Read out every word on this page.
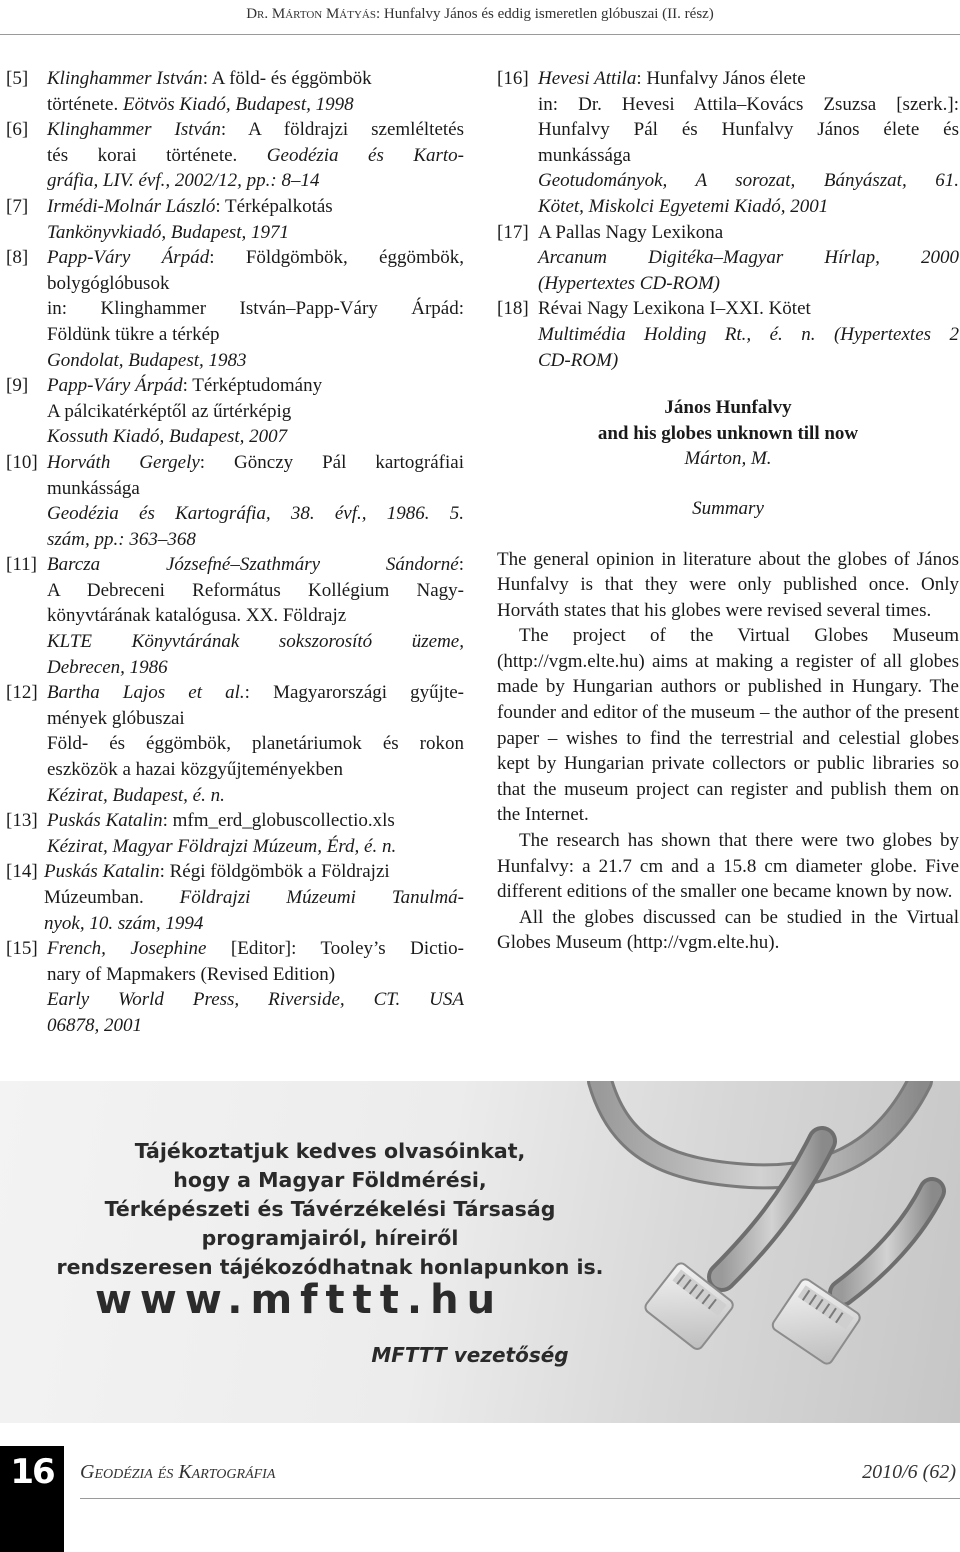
Dr. Márton Mátyás: Hunfalvy János és eddig ismeretlen glóbuszai (II. rész)
[5] Klinghammer István: A föld- és éggömbök
története. Eötvös Kiadó, Budapest, 1998
[6] Klinghammer István: A földrajzi szemléltetés
tés korai története. Geodézia és Karto-
gráfia, LIV. évf., 2002/12, pp.: 8–14
[7] Irmédi-Molnár László: Térképalkotás
Tankönyvkiadó, Budapest, 1971
[8] Papp-Váry Árpád: Földgömbök, éggömbök,
bolygóglóbusok
in: Klinghammer István–Papp-Váry Árpád:
Földünk tükre a térkép
Gondolat, Budapest, 1983
[9] Papp-Váry Árpád: Térképtudomány
A pálcikatérképtől az űrtérképig
Kossuth Kiadó, Budapest, 2007
[10] Horváth Gergely: Gönczy Pál kartográfiai
munkássága
Geodézia és Kartográfia, 38. évf., 1986. 5.
szám, pp.: 363–368
[11] Barcza Józsefné–Szathmáry Sándorné:
A Debreceni Református Kollégium Nagy-
könyvtárának katalógusa. XX. Földrajz
KLTE Könyvtárának sokszorosító üzeme,
Debrecen, 1986
[12] Bartha Lajos et al.: Magyarországi gyűjte-
mények glóbuszai
Föld- és éggömbök, planetáriumok és rokon
eszközök a hazai közgyűjteményekben
Kézirat, Budapest, é. n.
[13] Puskás Katalin: mfm_erd_globuscollectio.xls
Kézirat, Magyar Földrajzi Múzeum, Érd, é. n.
[14] Puskás Katalin: Régi földgömbök a Földrajzi
Múzeumban. Földrajzi Múzeumi Tanulmá-
nyok, 10. szám, 1994
[15] French, Josephine [Editor]: Tooley’s Dictio-
nary of Mapmakers (Revised Edition)
Early World Press, Riverside, CT. USA
06878, 2001
[16] Hevesi Attila: Hunfalvy János élete
in: Dr. Hevesi Attila–Kovács Zsuzsa [szerk.]:
Hunfalvy Pál és Hunfalvy János élete és
munkássága
Geotudományok, A sorozat, Bányászat, 61.
Kötet, Miskolci Egyetemi Kiadó, 2001
[17] A Pallas Nagy Lexikona
Arcanum Digitéka–Magyar Hírlap, 2000
(Hypertextes CD-ROM)
[18] Révai Nagy Lexikona I–XXI. Kötet
Multimédia Holding Rt., é. n. (Hypertextes 2
CD-ROM)
János Hunfalvy
and his globes unknown till now
Márton, M.
Summary

The general opinion in literature about the globes of János Hunfalvy is that they were only published once. Only Horváth states that his globes were revised several times.

The project of the Virtual Globes Museum (http://vgm.elte.hu) aims at making a register of all globes made by Hungarian authors or published in Hungary. The founder and editor of the museum – the author of the present paper – wishes to find the terrestrial and celestial globes kept by Hungarian private collectors or public libraries so that the museum project can register and publish them on the Internet.

The research has shown that there were two globes by Hunfalvy: a 21.7 cm and a 15.8 cm diameter globe. Five different editions of the smaller one became known by now.

All the globes discussed can be studied in the Virtual Globes Museum (http://vgm.elte.hu).

Tájékoztatjuk kedves olvasóinkat,
hogy a Magyar Földmérési,
Térképészeti és Távérzékelési Társaság
programjairól, híreiről
rendszeresen tájékozódhatnak honlapunkon is.
www.mfttt.hu
MFTTT vezetőség
16	Geodézia és Kartográfia	2010/6 (62)
